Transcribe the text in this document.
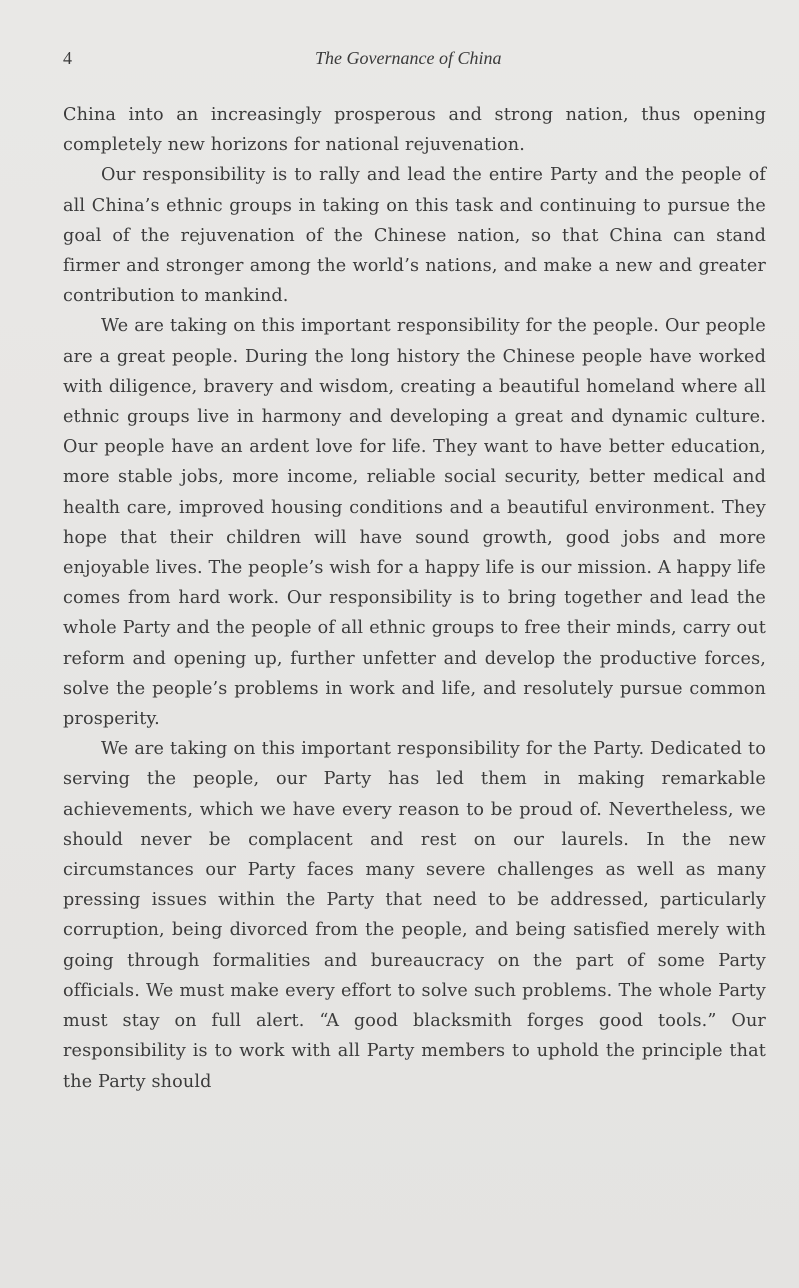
4	The Governance of China

China into an increasingly prosperous and strong nation, thus opening completely new horizons for national rejuvenation.

Our responsibility is to rally and lead the entire Party and the people of all China’s ethnic groups in taking on this task and continuing to pursue the goal of the rejuvenation of the Chinese nation, so that China can stand firmer and stronger among the world’s nations, and make a new and greater contribution to mankind.

We are taking on this important responsibility for the people. Our people are a great people. During the long history the Chinese people have worked with diligence, bravery and wisdom, creating a beautiful homeland where all ethnic groups live in harmony and developing a great and dynamic culture. Our people have an ardent love for life. They want to have better education, more stable jobs, more income, reliable social security, better medical and health care, improved housing conditions and a beautiful environment. They hope that their children will have sound growth, good jobs and more enjoyable lives. The people’s wish for a happy life is our mission. A happy life comes from hard work. Our responsibility is to bring together and lead the whole Party and the people of all ethnic groups to free their minds, carry out reform and opening up, further unfetter and develop the productive forces, solve the people’s problems in work and life, and resolutely pursue common prosperity.

We are taking on this important responsibility for the Party. Dedicated to serving the people, our Party has led them in making remarkable achievements, which we have every reason to be proud of. Nevertheless, we should never be complacent and rest on our laurels. In the new circumstances our Party faces many severe challenges as well as many pressing issues within the Party that need to be addressed, particularly corruption, being divorced from the people, and being satisfied merely with going through formalities and bureaucracy on the part of some Party officials. We must make every effort to solve such problems. The whole Party must stay on full alert. “A good blacksmith forges good tools.” Our responsibility is to work with all Party members to uphold the principle that the Party should
